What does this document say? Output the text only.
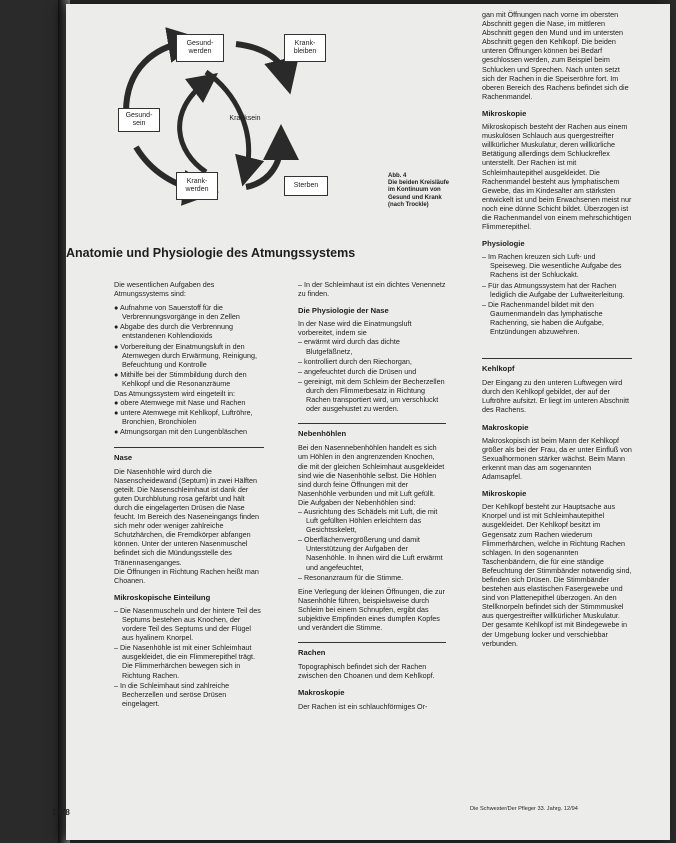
Gesund-
werden
Krank-
bleiben
Gesund-
sein
Kranksein
Krank-
werden
Sterben
Abb. 4
Die beiden Kreisläufe im Kontinuum von Gesund und Krank (nach Trockle)
Anatomie und Physiologie des Atmungssystems

Die wesentlichen Aufgaben des Atmungssystems sind:

● Aufnahme von Sauerstoff für die Verbrennungsvorgänge in den Zellen
● Abgabe des durch die Verbrennung entstandenen Kohlendioxids
● Vorbereitung der Einatmungsluft in den Atemwegen durch Erwärmung, Reinigung, Befeuchtung und Kontrolle
● Mithilfe bei der Stimmbildung durch den Kehlkopf und die Resonanzräume

Das Atmungssystem wird eingeteilt in:

● obere Atemwege mit Nase und Rachen
● untere Atemwege mit Kehlkopf, Luftröhre, Bronchien, Bronchiolen
● Atmungsorgan mit den Lungenbläschen
Nase

Die Nasenhöhle wird durch die Nasenscheidewand (Septum) in zwei Hälften geteilt. Die Nasenschleimhaut ist dank der guten Durchblutung rosa gefärbt und hält durch die eingelagerten Drüsen die Nase feucht. Im Bereich des Naseneingangs finden sich mehr oder weniger zahlreiche Schutzhärchen, die Fremdkörper abfangen können. Unter der unteren Nasenmuschel befindet sich die Mündungsstelle des Tränennasenganges.

Die Öffnungen in Richtung Rachen heißt man Choanen.

Mikroskopische Einteilung
– Die Nasenmuscheln und der hintere Teil des Septums bestehen aus Knochen, der vordere Teil des Septums und der Flügel aus hyalinem Knorpel.
– Die Nasenhöhle ist mit einer Schleimhaut ausgekleidet, die ein Flimmerepithel trägt. Die Flimmerhärchen bewegen sich in Richtung Rachen.
– In die Schleimhaut sind zahlreiche Becherzellen und seröse Drüsen eingelagert.

– In der Schleimhaut ist ein dichtes Venennetz zu finden.

Die Physiologie der Nase

In der Nase wird die Einatmungsluft vorbereitet, indem sie

– erwärmt wird durch das dichte Blutgefäßnetz,
– kontrolliert durch den Riechorgan,
– angefeuchtet durch die Drüsen und
– gereinigt, mit dem Schleim der Becherzellen durch den Flimmerbesatz in Richtung Rachen transportiert wird, um verschluckt oder ausgehustet zu werden.
Nebenhöhlen

Bei den Nasennebenhöhlen handelt es sich um Höhlen in den angrenzenden Knochen, die mit der gleichen Schleimhaut ausgekleidet sind wie die Nasenhöhle selbst. Die Höhlen sind durch feine Öffnungen mit der Nasenhöhle verbunden und mit Luft gefüllt.

Die Aufgaben der Nebenhöhlen sind:

– Ausrichtung des Schädels mit Luft, die mit Luft gefüllten Höhlen erleichtern das Gesichtsskelett,
– Oberflächenvergrößerung und damit Unterstützung der Aufgaben der Nasenhöhle. In ihnen wird die Luft erwärmt und angefeuchtet,
– Resonanzraum für die Stimme.

Eine Verlegung der kleinen Öffnungen, die zur Nasenhöhle führen, beispielsweise durch Schleim bei einem Schnupfen, ergibt das subjektive Empfinden eines dumpfen Kopfes und verändert die Stimme.

Rachen

Topographisch befindet sich der Rachen zwischen den Choanen und dem Kehlkopf.

Makroskopie

Der Rachen ist ein schlauchförmiges Or-

gan mit Öffnungen nach vorne im obersten Abschnitt gegen die Nase, im mittleren Abschnitt gegen den Mund und im untersten Abschnitt gegen den Kehlkopf. Die beiden unteren Öffnungen können bei Bedarf geschlossen werden, zum Beispiel beim Schlucken und Sprechen. Nach unten setzt sich der Rachen in die Speiseröhre fort. Im oberen Bereich des Rachens befindet sich die Rachenmandel.

Mikroskopie

Mikroskopisch besteht der Rachen aus einem muskulösen Schlauch aus quergestreifter willkürlicher Muskulatur, deren willkürliche Betätigung allerdings dem Schluckreflex unterstellt. Der Rachen ist mit Schleimhautepithel ausgekleidet. Die Rachenmandel besteht aus lymphatischem Gewebe, das im Kindesalter am stärksten entwickelt ist und beim Erwachsenen meist nur noch eine dünne Schicht bildet. Überzogen ist die Rachenmandel von einem mehrschichtigen Flimmerepithel.

Physiologie
– Im Rachen kreuzen sich Luft- und Speiseweg. Die wesentliche Aufgabe des Rachens ist der Schluckakt.
– Für das Atmungssystem hat der Rachen lediglich die Aufgabe der Luftweiterleitung.
– Die Rachenmandel bildet mit den Gaumenmandeln das lymphatische Rachenring, sie haben die Aufgabe, Entzündungen abzuwehren.
Kehlkopf

Der Eingang zu den unteren Luftwegen wird durch den Kehlkopf gebildet, der auf der Luftröhre aufsitzt. Er liegt im unteren Abschnitt des Rachens.

Makroskopie

Makroskopisch ist beim Mann der Kehlkopf größer als bei der Frau, da er unter Einfluß von Sexualhormonen stärker wächst. Beim Mann erkennt man das am sogenannten Adamsapfel.

Mikroskopie

Der Kehlkopf besteht zur Hauptsache aus Knorpel und ist mit Schleimhautepithel ausgekleidet. Der Kehlkopf besitzt im Gegensatz zum Rachen wiederum Flimmerhärchen, welche in Richtung Rachen schlagen. In den sogenannten Taschenbändern, die für eine ständige Befeuchtung der Stimmbänder notwendig sind, befinden sich Drüsen. Die Stimmbänder bestehen aus elastischen Fasergewebe und sind von Plattenepithel überzogen. An den Stellknorpeln befindet sich der Stimmmuskel aus quergestreifter willkürlicher Muskulatur. Der gesamte Kehlkopf ist mit Bindegewebe in der Umgebung locker und verschiebbar verbunden.

1378	Die Schwester/Der Pfleger 33. Jahrg. 12/94
